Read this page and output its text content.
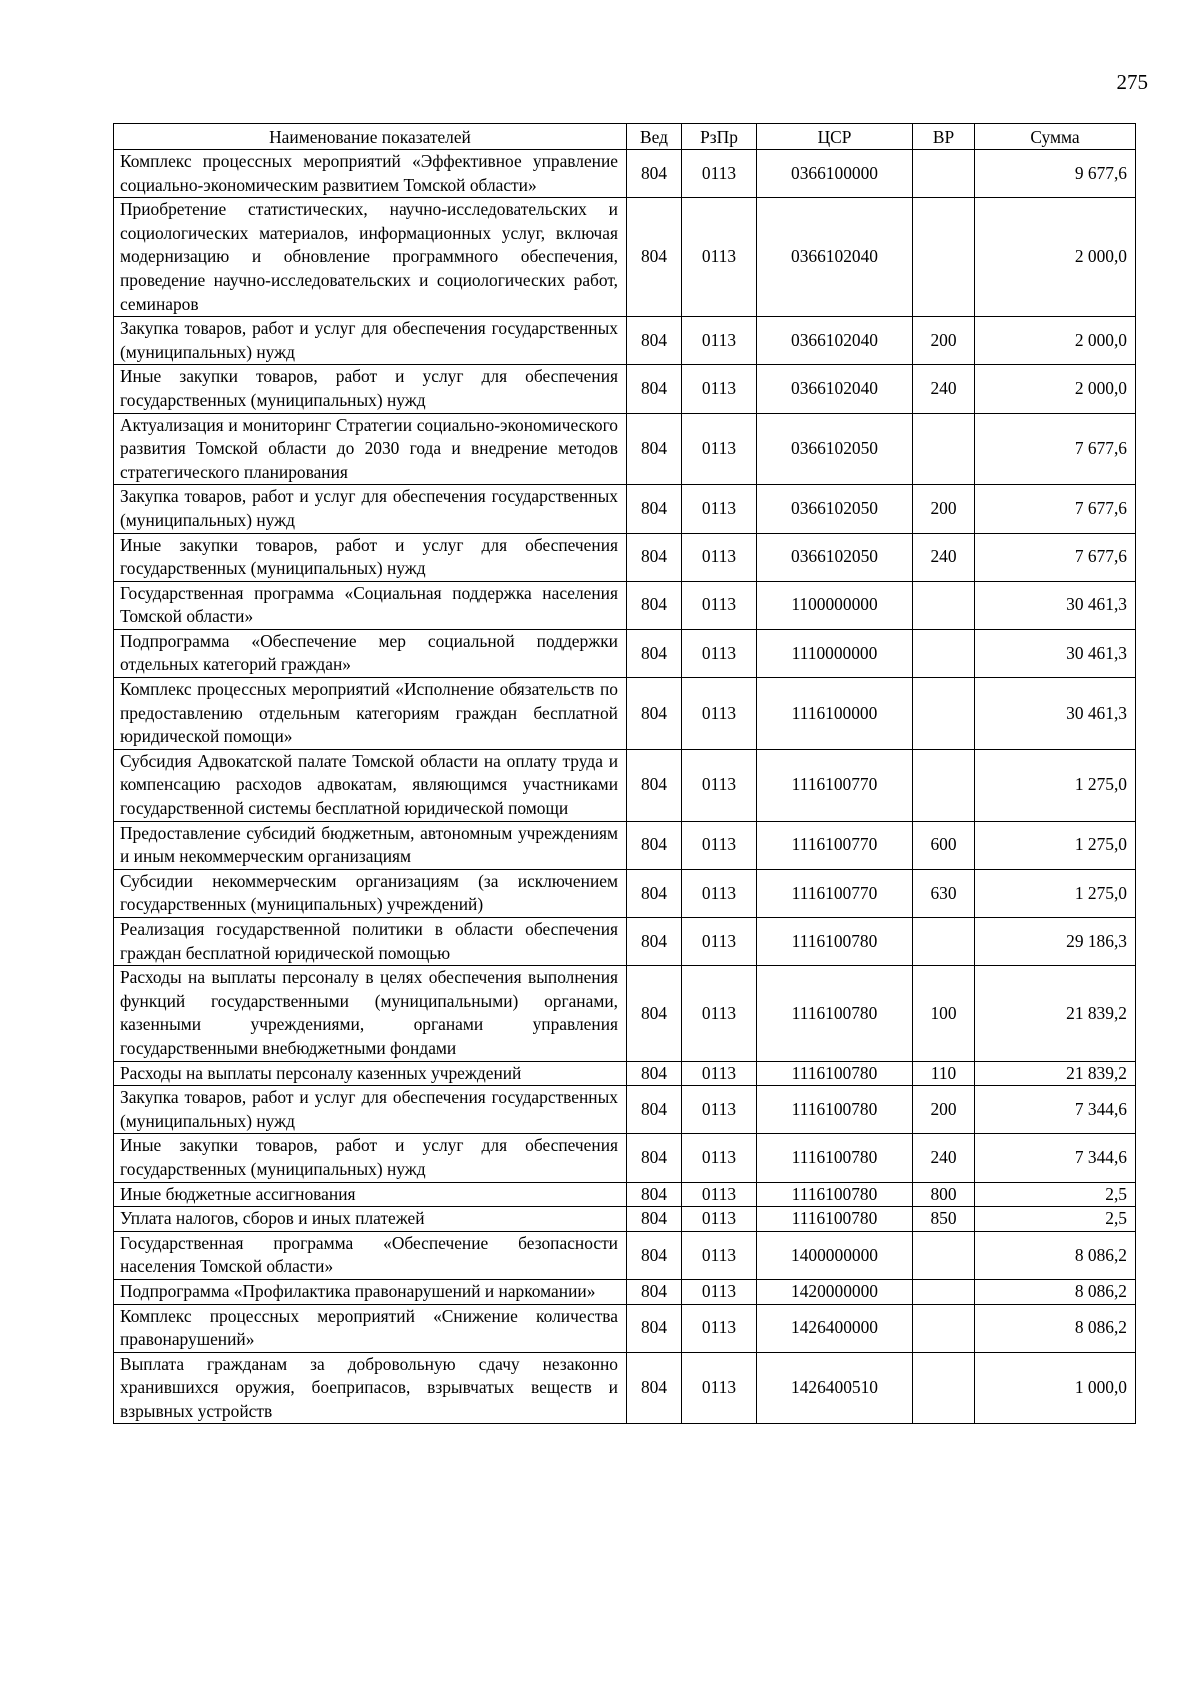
275
Наименование показателей	Вед	РзПр	ЦСР	ВР	Сумма
Комплекс процессных мероприятий «Эффективное управление социально-экономическим развитием Томской области»	804	0113	0366100000		9 677,6
Приобретение статистических, научно-исследовательских и социологических материалов, информационных услуг, включая модернизацию и обновление программного обеспечения, проведение научно-исследовательских и социологических работ, семинаров	804	0113	0366102040		2 000,0
Закупка товаров, работ и услуг для обеспечения государственных (муниципальных) нужд	804	0113	0366102040	200	2 000,0
Иные закупки товаров, работ и услуг для обеспечения государственных (муниципальных) нужд	804	0113	0366102040	240	2 000,0
Актуализация и мониторинг Стратегии социально-экономического развития Томской области до 2030 года и внедрение методов стратегического планирования	804	0113	0366102050		7 677,6
Закупка товаров, работ и услуг для обеспечения государственных (муниципальных) нужд	804	0113	0366102050	200	7 677,6
Иные закупки товаров, работ и услуг для обеспечения государственных (муниципальных) нужд	804	0113	0366102050	240	7 677,6
Государственная программа «Социальная поддержка населения Томской области»	804	0113	1100000000		30 461,3
Подпрограмма «Обеспечение мер социальной поддержки отдельных категорий граждан»	804	0113	1110000000		30 461,3
Комплекс процессных мероприятий «Исполнение обязательств по предоставлению отдельным категориям граждан бесплатной юридической помощи»	804	0113	1116100000		30 461,3
Субсидия Адвокатской палате Томской области на оплату труда и компенсацию расходов адвокатам, являющимся участниками государственной системы бесплатной юридической помощи	804	0113	1116100770		1 275,0
Предоставление субсидий бюджетным, автономным учреждениям и иным некоммерческим организациям	804	0113	1116100770	600	1 275,0
Субсидии некоммерческим организациям (за исключением государственных (муниципальных) учреждений)	804	0113	1116100770	630	1 275,0
Реализация государственной политики в области обеспечения граждан бесплатной юридической помощью	804	0113	1116100780		29 186,3
Расходы на выплаты персоналу в целях обеспечения выполнения функций государственными (муниципальными) органами, казенными учреждениями, органами управления государственными внебюджетными фондами	804	0113	1116100780	100	21 839,2
Расходы на выплаты персоналу казенных учреждений	804	0113	1116100780	110	21 839,2
Закупка товаров, работ и услуг для обеспечения государственных (муниципальных) нужд	804	0113	1116100780	200	7 344,6
Иные закупки товаров, работ и услуг для обеспечения государственных (муниципальных) нужд	804	0113	1116100780	240	7 344,6
Иные бюджетные ассигнования	804	0113	1116100780	800	2,5
Уплата налогов, сборов и иных платежей	804	0113	1116100780	850	2,5
Государственная программа «Обеспечение безопасности населения Томской области»	804	0113	1400000000		8 086,2
Подпрограмма «Профилактика правонарушений и наркомании»	804	0113	1420000000		8 086,2
Комплекс процессных мероприятий «Снижение количества правонарушений»	804	0113	1426400000		8 086,2
Выплата гражданам за добровольную сдачу незаконно хранившихся оружия, боеприпасов, взрывчатых веществ и взрывных устройств	804	0113	1426400510		1 000,0
